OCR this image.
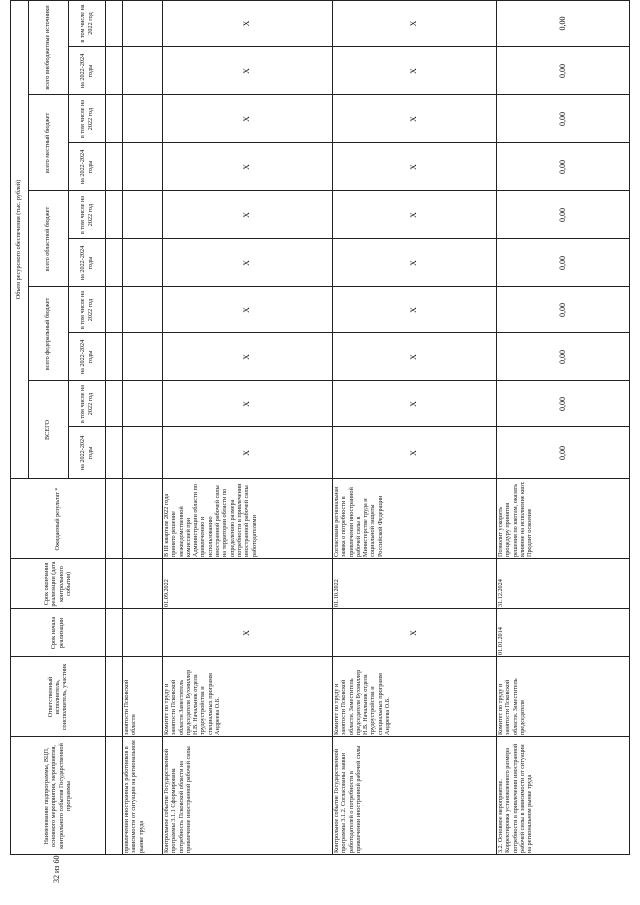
Наименование подпрограммы, ВЦП, основного мероприятия, мероприятия, контрольного события Государственной программы
Ответственный исполнитель, соисполнитель, участник
Срок начала реализации
Срок окончания реализации (дата контрольного события)
Ожидаемый результат *
Объем ресурсного обеспечения (тыс. рублей)
ВСЕГО
всего федеральный бюджет
всего областной бюджет
всего местный бюджет
всего внебюджетные источники
на 2022-2024 годы
в том числе на 2022 год
на 2022-2024 годы
в том числе на 2022 год
на 2022-2024 годы
в том числе на 2022 год
на 2022-2024 годы
в том числе на 2022 год
на 2022-2024 годы
в том числе на 2022 год
привлечении иностранных работников в зависимости от ситуации на региональном рынке труда
занятости Псковской области
Контрольное событие Государственной программы 3.1.1 Сформирована потребность Псковской области на привлечение иностранной рабочей силы
Комитет по труду и занятости Псковской области Заместитель председателя Бухмиллер Н.В. Начальник отдела трудоустройства и специальных программ Андреева О.Б.
X
01.09.2022
В III квартале 2022 года принято решение межведомственной комиссией при Администрации области по привлечению и использованию иностранной рабочей силы на территории области по определению размера потребности в привлечении иностранной рабочей силы работодателями
X
X
X
X
X
X
X
X
X
X
Контрольное событие Государственной программы 3.1.2. Согласованы заявки работодателей о потребности в привлечении иностранной рабочей силы
Комитет по труду и занятости Псковской области. Заместитель председателя Бухмиллер Н.В. Начальник отдела трудоустройства и специальных программ Андреева О.Б.
X
01.10.2022
Согласована региональная заявка о потребности в привлечении иностранной рабочей силы в Министерстве труда и социальной защиты Российской Федерации
X
X
X
X
X
X
X
X
X
X
3.2. Основное мероприятие. Корректировка установленного размера потребности в привлечении иностранной рабочей силы в зависимости от ситуации на региональном рынке труда
Комитет по труду и занятости Псковской области. Заместитель председателя
01.01.2014
31.12.2024
Позволит ускорить процедуру принятия решения по квотам, оказать влияние на исполнение квот. Продлит освоение
0,00
0,00
0,00
0,00
0,00
0,00
0,00
0,00
0,00
0,00
32 из 60
